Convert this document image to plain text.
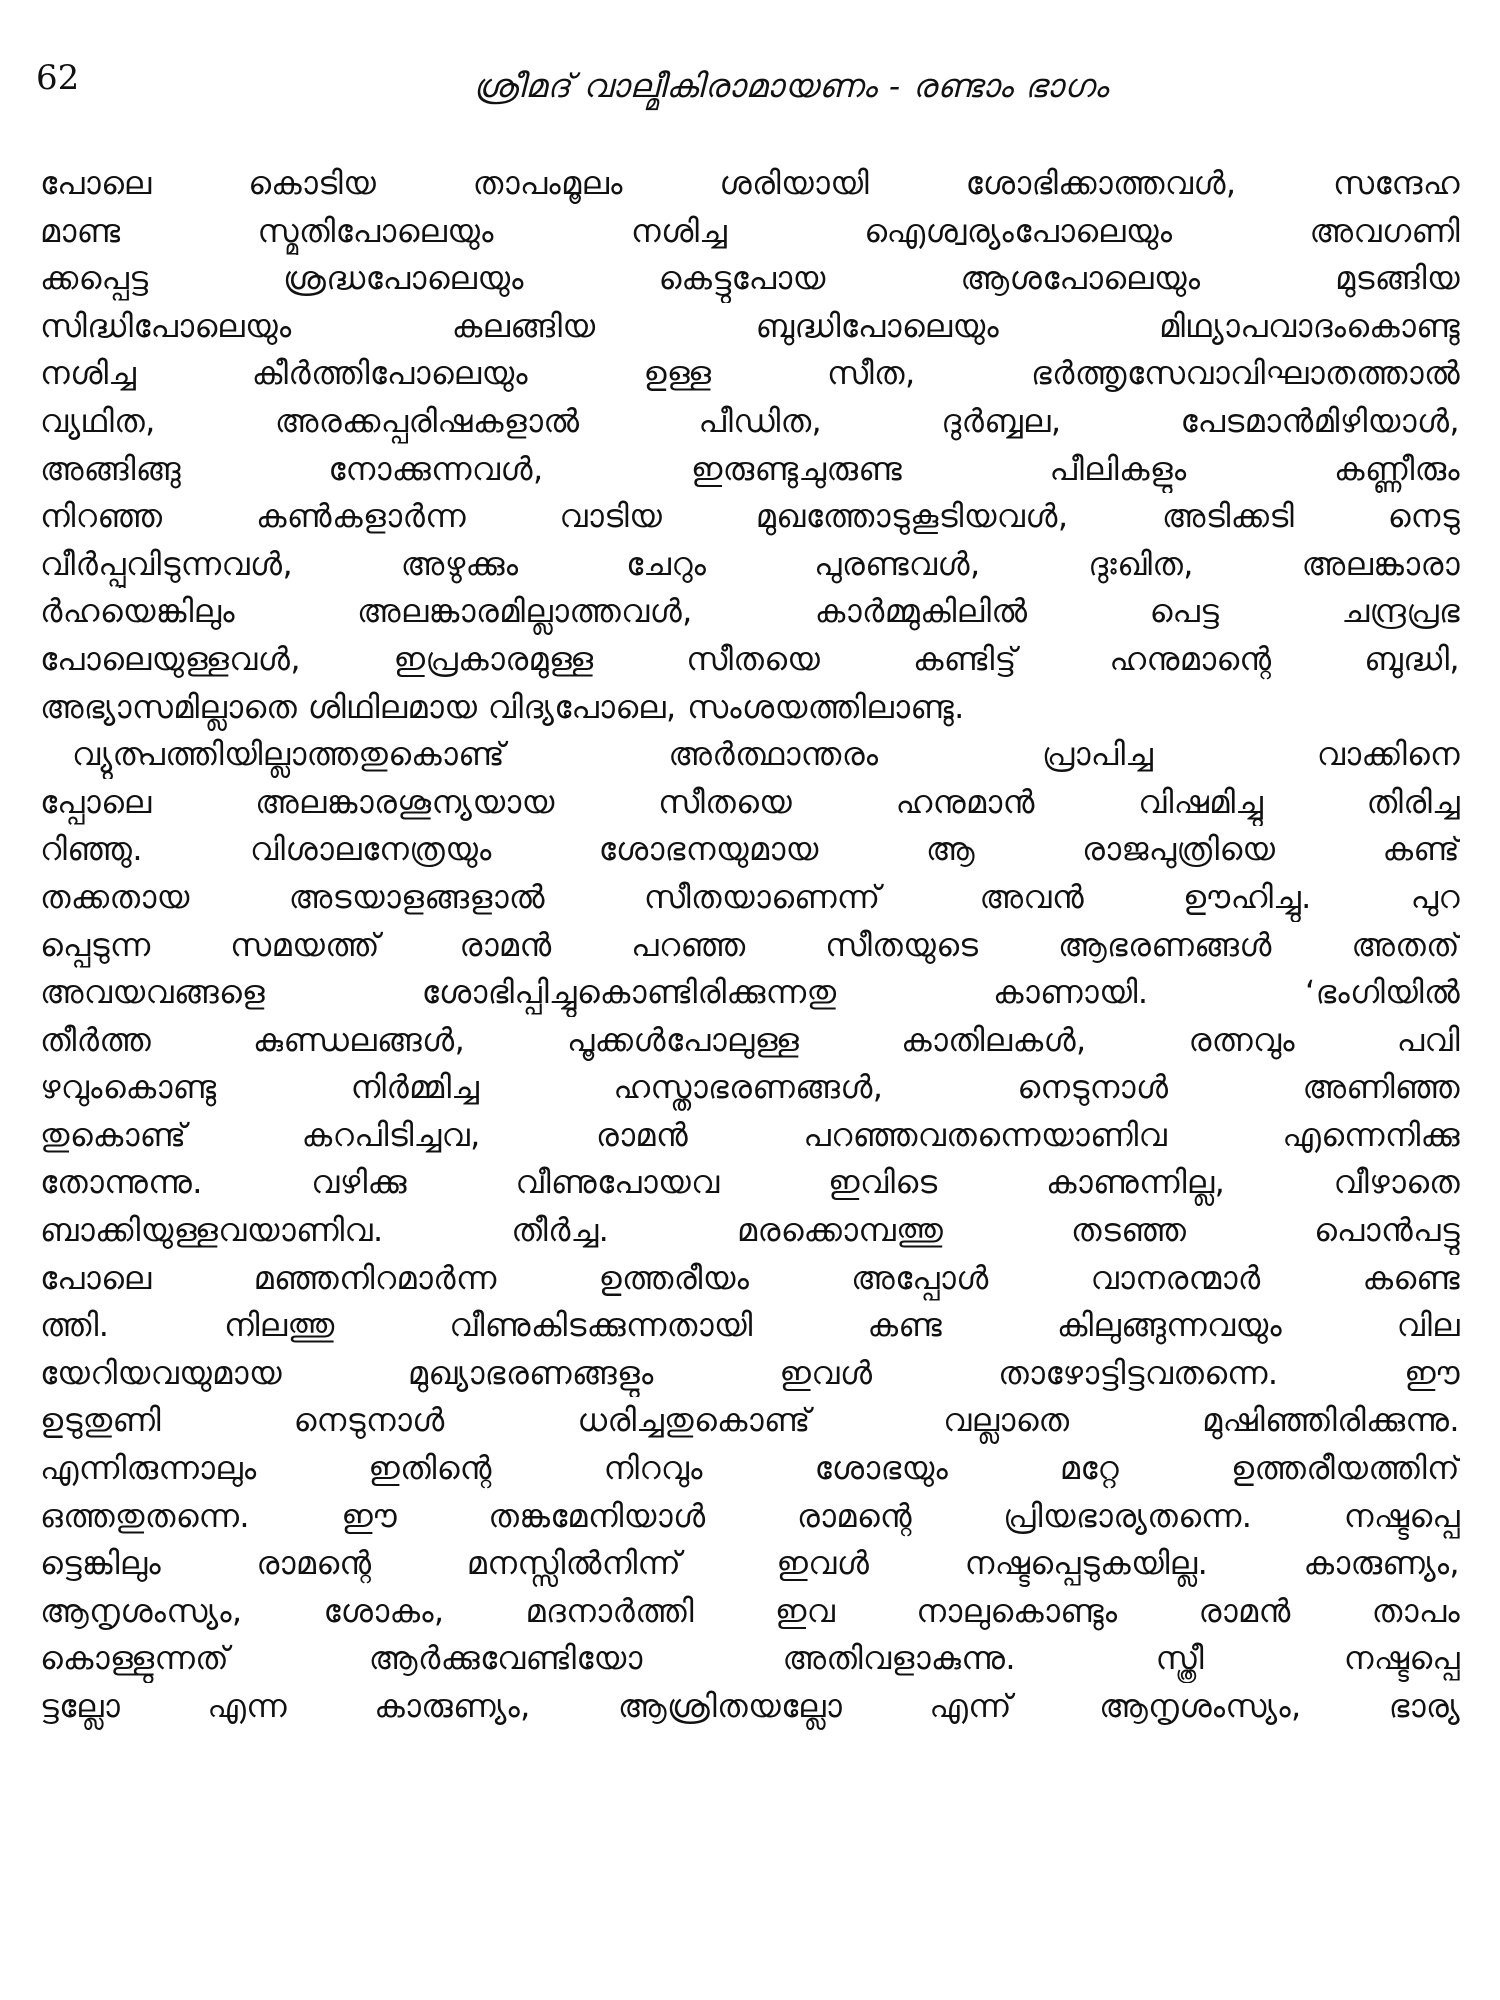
62	ശ്രീമദ് വാല്മീകിരാമായണം - രണ്ടാം ഭാഗം
പോലെ കൊടിയ താപംമൂലം ശരിയായി ശോഭിക്കാത്തവൾ, സന്ദേഹ
മാണ്ട സ്മൃതിപോലെയും നശിച്ച ഐശ്വര്യംപോലെയും അവഗണി
ക്കപ്പെട്ട ശ്രദ്ധപോലെയും കെട്ടുപോയ ആശപോലെയും മുടങ്ങിയ
സിദ്ധിപോലെയും കലങ്ങിയ ബുദ്ധിപോലെയും മിഥ്യാപവാദംകൊണ്ടു
നശിച്ച കീർത്തിപോലെയും ഉള്ള സീത, ഭർത്തൃസേവാവിഘാതത്താൽ
വ്യഥിത, അരക്കപ്പരിഷകളാൽ പീഡിത, ദുർബ്ബല, പേടമാൻമിഴിയാൾ,
അങ്ങിങ്ങു നോക്കുന്നവൾ, ഇരുണ്ടുചുരുണ്ട പീലികളും കണ്ണീരും
നിറഞ്ഞ കൺകളാർന്ന വാടിയ മുഖത്തോടുകൂടിയവൾ, അടിക്കടി നെടു
വീർപ്പുവിടുന്നവൾ, അഴുക്കും ചേറും പുരണ്ടവൾ, ദുഃഖിത, അലങ്കാരാ
ർഹയെങ്കിലും അലങ്കാരമില്ലാത്തവൾ, കാർമ്മുകിലിൽ പെട്ട ചന്ദ്രപ്രഭ
പോലെയുള്ളവൾ, ഇപ്രകാരമുള്ള സീതയെ കണ്ടിട്ട് ഹനുമാന്റെ ബുദ്ധി,
അഭ്യാസമില്ലാതെ ശിഥിലമായ വിദ്യപോലെ, സംശയത്തിലാണ്ടു.
വ്യുത്പത്തിയില്ലാത്തതുകൊണ്ട് അർത്ഥാന്തരം പ്രാപിച്ച വാക്കിനെ
പ്പോലെ അലങ്കാരശൂന്യയായ സീതയെ ഹനുമാൻ വിഷമിച്ചു തിരിച്ച
റിഞ്ഞു. വിശാലനേത്രയും ശോഭനയുമായ ആ രാജപുത്രിയെ കണ്ട്
തക്കതായ അടയാളങ്ങളാൽ സീതയാണെന്ന് അവൻ ഊഹിച്ചു. പുറ
പ്പെടുന്ന സമയത്ത് രാമൻ പറഞ്ഞ സീതയുടെ ആഭരണങ്ങൾ അതത്
അവയവങ്ങളെ ശോഭിപ്പിച്ചുകൊണ്ടിരിക്കുന്നതു കാണായി. ‘ഭംഗിയിൽ
തീർത്ത കുണ്ഡലങ്ങൾ, പൂക്കൾപോലുള്ള കാതിലകൾ, രത്നവും പവി
ഴവുംകൊണ്ടു നിർമ്മിച്ച ഹസ്താഭരണങ്ങൾ, നെടുനാൾ അണിഞ്ഞ
തുകൊണ്ട് കറപിടിച്ചവ, രാമൻ പറഞ്ഞവതന്നെയാണിവ എന്നെനിക്കു
തോന്നുന്നു. വഴിക്കു വീണുപോയവ ഇവിടെ കാണുന്നില്ല, വീഴാതെ
ബാക്കിയുള്ളവയാണിവ. തീർച്ച. മരക്കൊമ്പത്തു തടഞ്ഞ പൊൻപട്ടു
പോലെ മഞ്ഞനിറമാർന്ന ഉത്തരീയം അപ്പോൾ വാനരന്മാർ കണ്ടെ
ത്തി. നിലത്തു വീണുകിടക്കുന്നതായി കണ്ട കിലുങ്ങുന്നവയും വില
യേറിയവയുമായ മുഖ്യാഭരണങ്ങളും ഇവൾ താഴോട്ടിട്ടവതന്നെ. ഈ
ഉടുതുണി നെടുനാൾ ധരിച്ചതുകൊണ്ട് വല്ലാതെ മുഷിഞ്ഞിരിക്കുന്നു.
എന്നിരുന്നാലും ഇതിന്റെ നിറവും ശോഭയും മറ്റേ ഉത്തരീയത്തിന്
ഒത്തതുതന്നെ. ഈ തങ്കമേനിയാൾ രാമന്റെ പ്രിയഭാര്യതന്നെ. നഷ്ടപ്പെ
ട്ടെങ്കിലും രാമന്റെ മനസ്സിൽനിന്ന് ഇവൾ നഷ്ടപ്പെടുകയില്ല. കാരുണ്യം,
ആനൃശംസ്യം, ശോകം, മദനാർത്തി ഇവ നാലുകൊണ്ടും രാമൻ താപം
കൊള്ളുന്നത് ആർക്കുവേണ്ടിയോ അതിവളാകുന്നു. സ്ത്രീ നഷ്ടപ്പെ
ട്ടല്ലോ എന്ന കാരുണ്യം, ആശ്രിതയല്ലോ എന്ന് ആനൃശംസ്യം, ഭാര്യ
